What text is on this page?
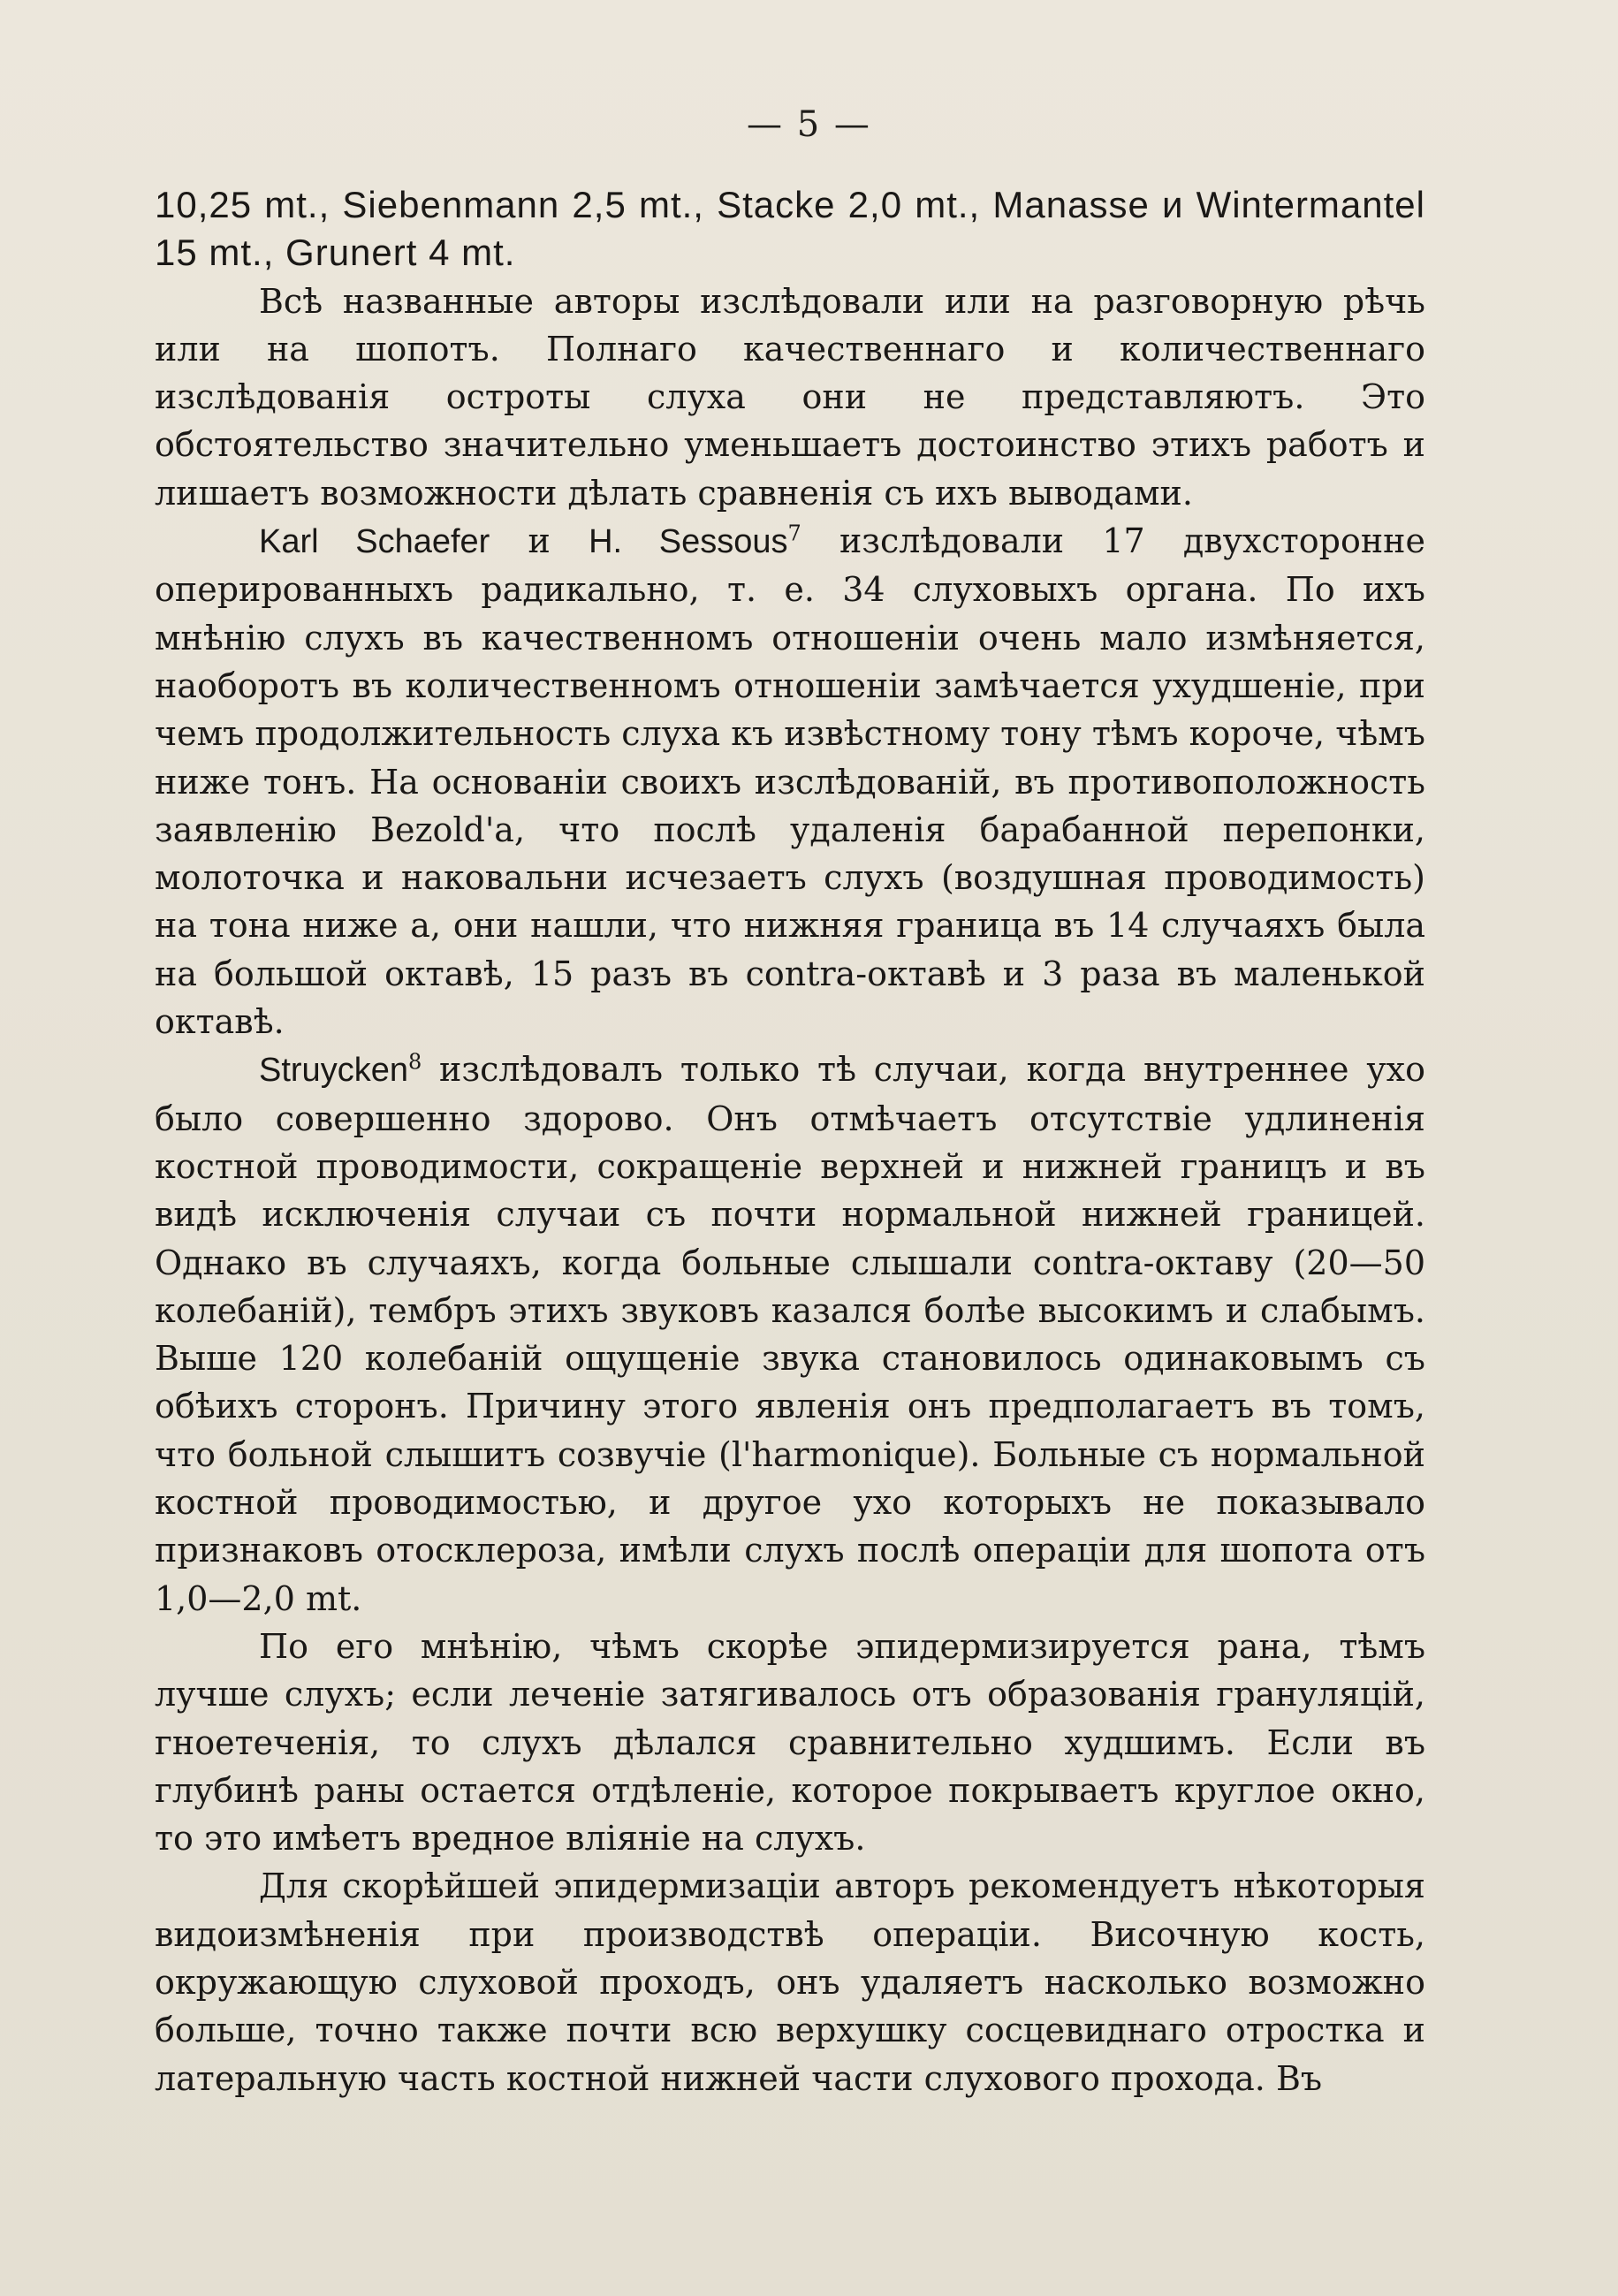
— 5 —

10,25 mt., Siebenmann 2,5 mt., Stacke 2,0 mt., Manasse и Wintermantel 15 mt., Grunert 4 mt.

Всѣ названные авторы изслѣдовали или на разговорную рѣчь или на шопотъ. Полнаго качественнаго и количественнаго изслѣдованія остроты слуха они не представляютъ. Это обстоятельство значительно уменьшаетъ достоинство этихъ работъ и лишаетъ возможности дѣлать сравненія съ ихъ выводами.

Karl Schaefer и H. Sessous$^7$ изслѣдовали 17 двухсторонне оперированныхъ радикально, т. е. 34 слуховыхъ органа. По ихъ мнѣнію слухъ въ качественномъ отношеніи очень мало измѣняется, наоборотъ въ количественномъ отношеніи замѣчается ухудшеніе, при чемъ продолжительность слуха къ извѣстному тону тѣмъ короче, чѣмъ ниже тонъ. На основаніи своихъ изслѣдованій, въ противоположность заявленію Bezold'а, что послѣ удаленія барабанной перепонки, молоточка и наковальни исчезаетъ слухъ (воздушная проводимость) на тона ниже а, они нашли, что нижняя граница въ 14 случаяхъ была на большой октавѣ, 15 разъ въ contra-октавѣ и 3 раза въ маленькой октавѣ.

Struycken$^8$ изслѣдовалъ только тѣ случаи, когда внутреннее ухо было совершенно здорово. Онъ отмѣчаетъ отсутствіе удлиненія костной проводимости, сокращеніе верхней и нижней границъ и въ видѣ исключенія случаи съ почти нормальной нижней границей. Однако въ случаяхъ, когда больные слышали contra-октаву (20—50 колебаній), тембръ этихъ звуковъ казался болѣе высокимъ и слабымъ. Выше 120 колебаній ощущеніе звука становилось одинаковымъ съ обѣихъ сторонъ. Причину этого явленія онъ предполагаетъ въ томъ, что больной слышитъ созвучіе (l'harmonique). Больные съ нормальной костной проводимостью, и другое ухо которыхъ не показывало признаковъ отосклероза, имѣли слухъ послѣ операціи для шопота отъ 1,0—2,0 mt.

По его мнѣнію, чѣмъ скорѣе эпидермизируется рана, тѣмъ лучше слухъ; если леченіе затягивалось отъ образованія грануляцій, гноетеченія, то слухъ дѣлался сравнительно худшимъ. Если въ глубинѣ раны остается отдѣленіе, которое покрываетъ круглое окно, то это имѣетъ вредное вліяніе на слухъ.

Для скорѣйшей эпидермизаціи авторъ рекомендуетъ нѣкоторыя видоизмѣненія при производствѣ операціи. Височную кость, окружающую слуховой проходъ, онъ удаляетъ насколько возможно больше, точно также почти всю верхушку сосцевиднаго отростка и латеральную часть костной нижней части слухового прохода. Въ
